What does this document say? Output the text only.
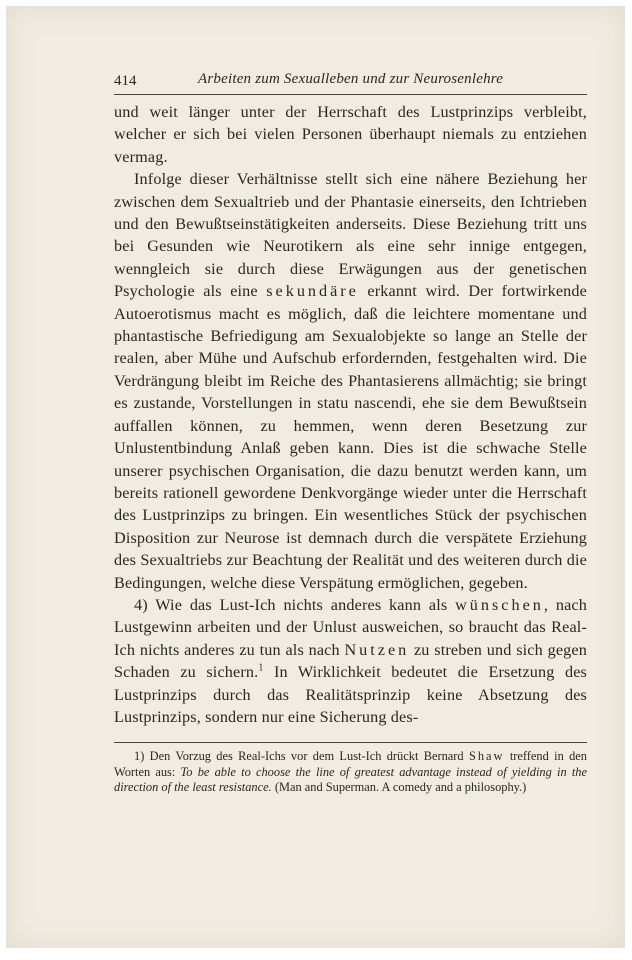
414	Arbeiten zum Sexualleben und zur Neurosenlehre

und weit länger unter der Herrschaft des Lustprinzips verbleibt, welcher er sich bei vielen Personen überhaupt niemals zu entziehen vermag.

Infolge dieser Verhältnisse stellt sich eine nähere Beziehung her zwischen dem Sexualtrieb und der Phantasie einerseits, den Ichtrieben und den Bewußtseinstätigkeiten anderseits. Diese Beziehung tritt uns bei Gesunden wie Neurotikern als eine sehr innige entgegen, wenngleich sie durch diese Erwägungen aus der genetischen Psychologie als eine sekundäre erkannt wird. Der fortwirkende Autoerotismus macht es möglich, daß die leichtere momentane und phantastische Befriedigung am Sexualobjekte so lange an Stelle der realen, aber Mühe und Aufschub erfordernden, festgehalten wird. Die Verdrängung bleibt im Reiche des Phantasierens allmächtig; sie bringt es zustande, Vorstellungen in statu nascendi, ehe sie dem Bewußtsein auffallen können, zu hemmen, wenn deren Besetzung zur Unlustentbindung Anlaß geben kann. Dies ist die schwache Stelle unserer psychischen Organisation, die dazu benutzt werden kann, um bereits rationell gewordene Denkvorgänge wieder unter die Herrschaft des Lustprinzips zu bringen. Ein wesentliches Stück der psychischen Disposition zur Neurose ist demnach durch die verspätete Erziehung des Sexualtriebs zur Beachtung der Realität und des weiteren durch die Bedingungen, welche diese Verspätung ermöglichen, gegeben.

4) Wie das Lust-Ich nichts anderes kann als wünschen, nach Lustgewinn arbeiten und der Unlust ausweichen, so braucht das Real-Ich nichts anderes zu tun als nach Nutzen zu streben und sich gegen Schaden zu sichern.$^1$ In Wirklichkeit bedeutet die Ersetzung des Lustprinzips durch das Realitätsprinzip keine Absetzung des Lustprinzips, sondern nur eine Sicherung des-

1) Den Vorzug des Real-Ichs vor dem Lust-Ich drückt Bernard Shaw treffend in den Worten aus: To be able to choose the line of greatest advantage instead of yielding in the direction of the least resistance. (Man and Superman. A comedy and a philosophy.)
